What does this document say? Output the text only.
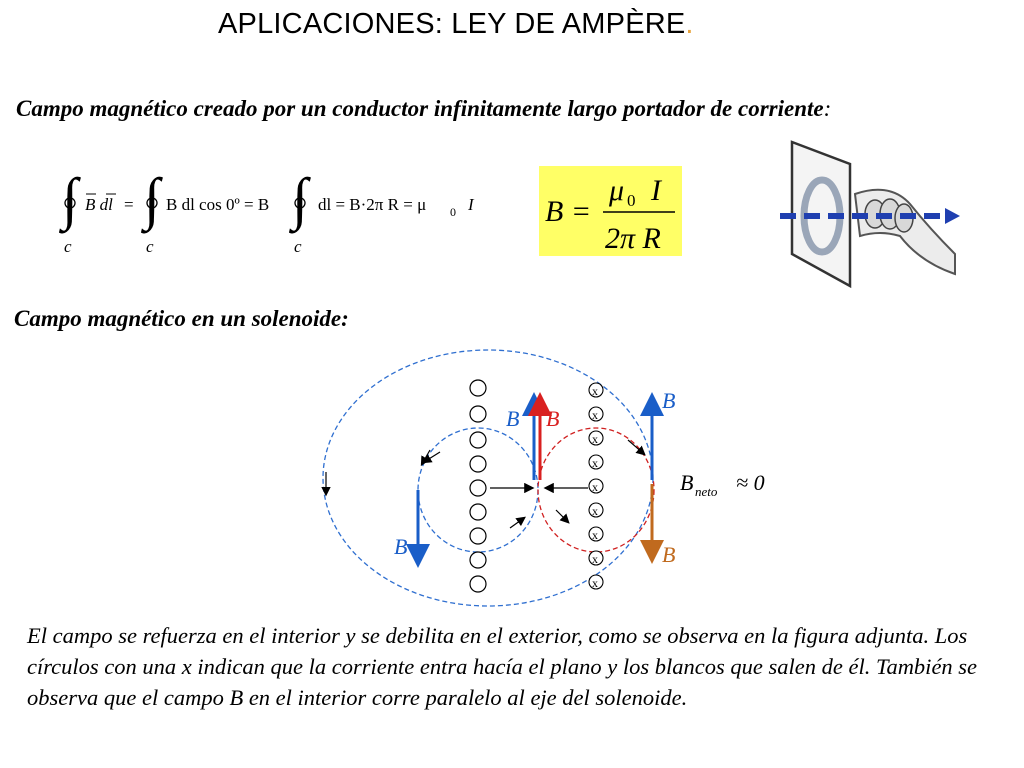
APLICACIONES: LEY DE AMPÈRE.
Campo magnético creado por un conductor infinitamente largo portador de corriente:
∫
c
B dl = ∫
c
B dl cos 0º = B ∫
c
dl = B·2π R = μ 0 I B =
μ 0 I
2π R
Campo magnético en un solenoide:
x
x
x
x
x
x
x
x
x
B B
B
B	B
B neto ≈ 0
El campo se refuerza en el interior y se debilita en el exterior, como se observa en la figura adjunta. Los círculos con una x indican que la corriente entra hacía el plano y los blancos que salen de él. También se observa que el campo B en el interior corre paralelo al eje del solenoide.
